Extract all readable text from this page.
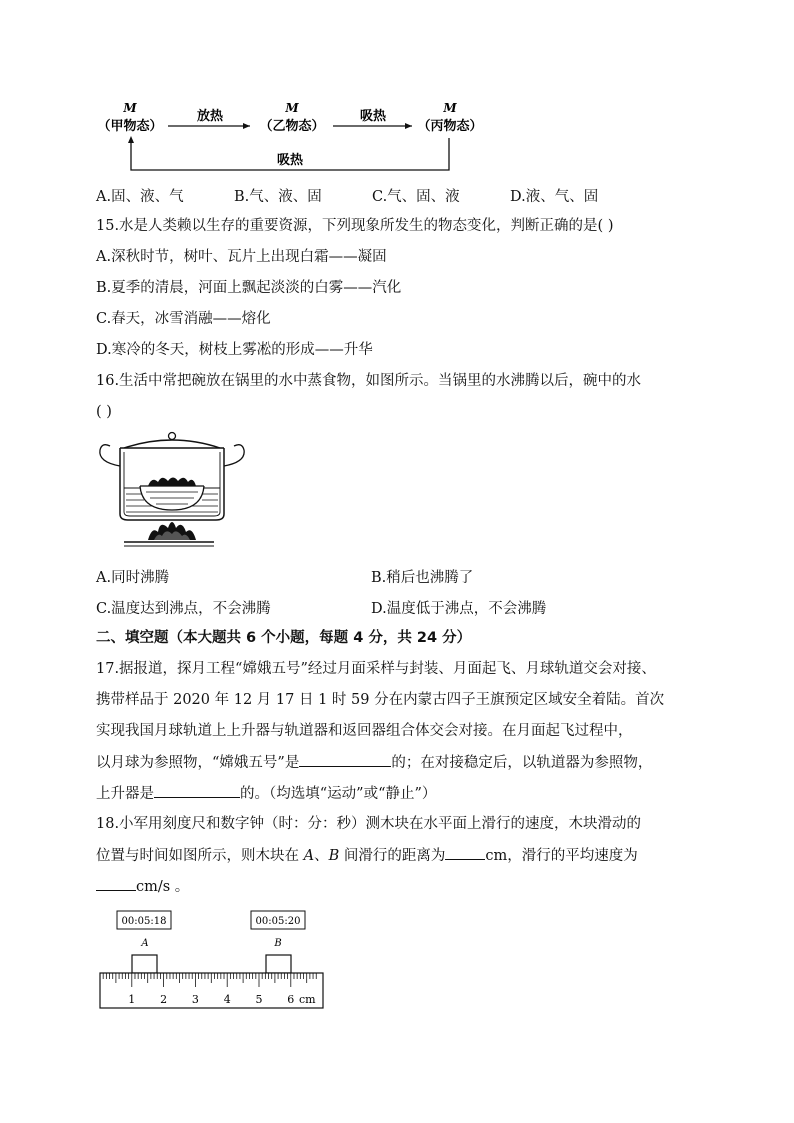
M
（甲物态）
M
（乙物态）
M
（丙物态）
放热	吸热
吸热
A.固、液、气	B.气、液、固	C.气、固、液	D.液、气、固
15.水是人类赖以生存的重要资源，下列现象所发生的物态变化，判断正确的是( )
A.深秋时节，树叶、瓦片上出现白霜——凝固
B.夏季的清晨，河面上飘起淡淡的白雾——汽化
C.春天，冰雪消融——熔化
D.寒冷的冬天，树枝上雾凇的形成——升华
16.生活中常把碗放在锅里的水中蒸食物，如图所示。当锅里的水沸腾以后，碗中的水
( )
A.同时沸腾	B.稍后也沸腾了
C.温度达到沸点，不会沸腾	D.温度低于沸点，不会沸腾
二、填空题（本大题共 6 个小题，每题 4 分，共 24 分）
17.据报道，探月工程“嫦娥五号”经过月面采样与封装、月面起飞、月球轨道交会对接、
携带样品于 2020 年 12 月 17 日 1 时 59 分在内蒙古四子王旗预定区域安全着陆。首次
实现我国月球轨道上上升器与轨道器和返回器组合体交会对接。在月面起飞过程中，
以月球为参照物，“嫦娥五号”是	的；在对接稳定后，以轨道器为参照物，
上升器是	的。（均选填“运动”或“静止”）
18.小军用刻度尺和数字钟（时：分：秒）测木块在水平面上滑行的速度，木块滑动的
位置与时间如图所示，则木块在 A、B 间滑行的距离为	cm，滑行的平均速度为
cm/s 。
00:05:18	00:05:20
A	B
1 2 3 4 5 6 cm
